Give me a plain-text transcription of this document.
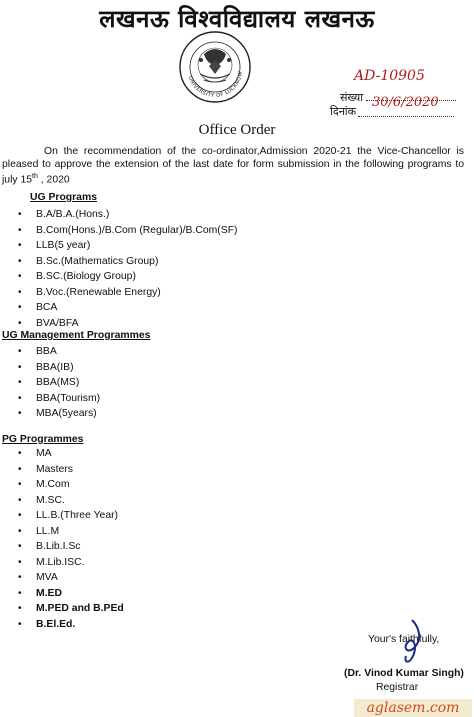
लखनऊ विश्वविद्यालय लखनऊ
UNIVERSITY OF LUCKNOW	AD-10905
संख्या 30/6/2020
दिनांक
Office Order
On the recommendation of the co-ordinator,Admission 2020-21 the Vice-Chancellor is pleased to approve the extension of the last date for form submission in the following programs to july 15th , 2020
UG Programs
• B.A/B.A.(Hons.)
• B.Com(Hons.)/B.Com (Regular)/B.Com(SF)
• LLB(5 year)
• B.Sc.(Mathematics Group)
• B.SC.(Biology Group)
• B.Voc.(Renewable Energy)
• BCA
• BVA/BFA
UG Management Programmes
• BBA
• BBA(IB)
• BBA(MS)
• BBA(Tourism)
• MBA(5years)
PG Programmes
• MA
• Masters
• M.Com
• M.SC.
• LL.B.(Three Year)
• LL.M
• B.Lib.I.Sc
• M.Lib.ISC.
• MVA
• M.ED
• M.PED and B.PEd
• B.El.Ed.
Your's faithfully,
(Dr. Vinod Kumar Singh)
Registrar
aglasem.com
